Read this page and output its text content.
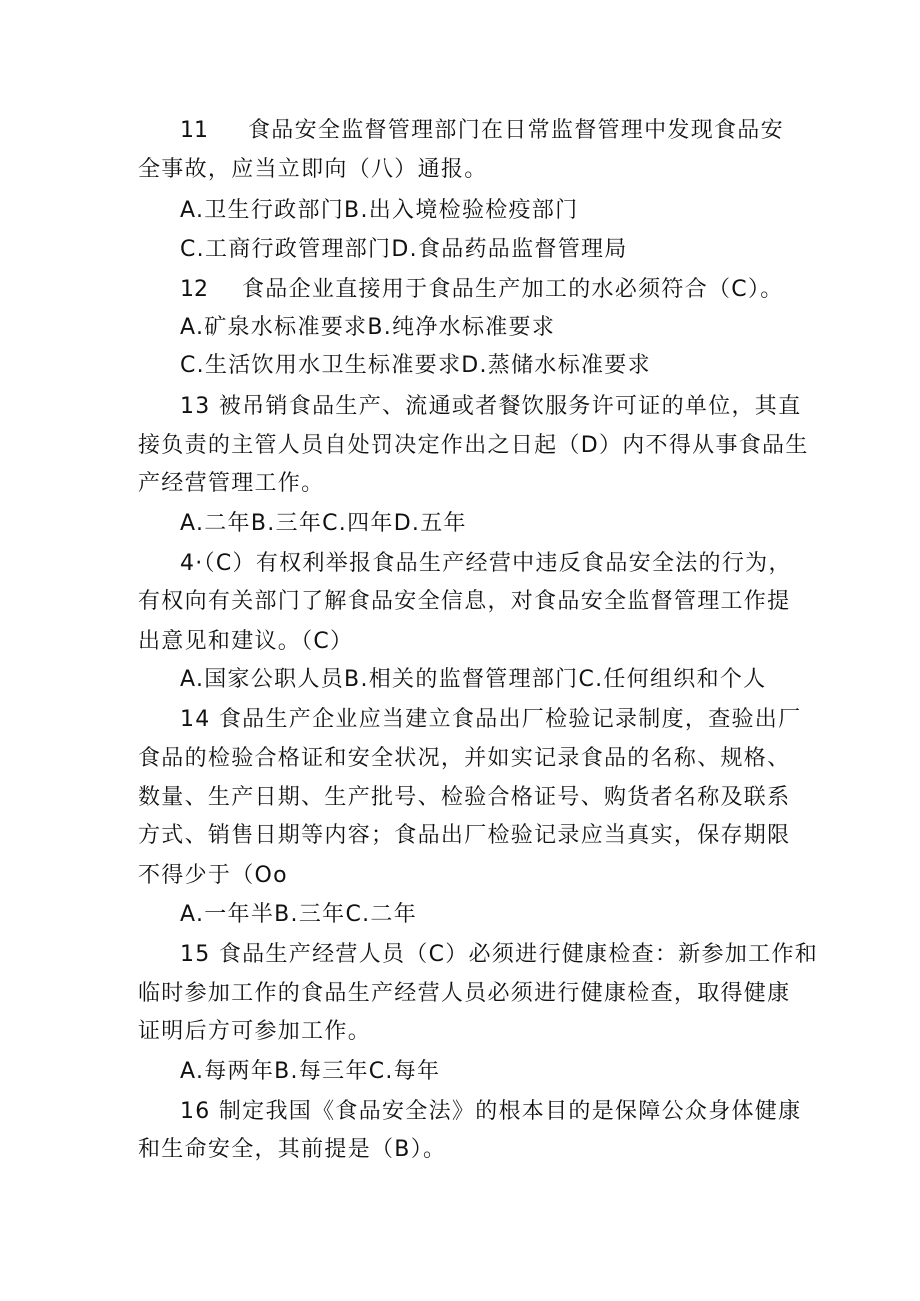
11 食品安全监督管理部门在日常监督管理中发现食品安
全事故，应当立即向（八）通报。
A.卫生行政部门B.出入境检验检疫部门
C.工商行政管理部门D.食品药品监督管理局
12 食品企业直接用于食品生产加工的水必须符合（C）。
A.矿泉水标准要求B.纯净水标准要求
C.生活饮用水卫生标准要求D.蒸储水标准要求
13 被吊销食品生产、流通或者餐饮服务许可证的单位，其直
接负责的主管人员自处罚决定作出之日起（D）内不得从事食品生
产经营管理工作。
A.二年B.三年C.四年D.五年
4·（C）有权利举报食品生产经营中违反食品安全法的行为，
有权向有关部门了解食品安全信息，对食品安全监督管理工作提
出意见和建议。（C）
A.国家公职人员B.相关的监督管理部门C.任何组织和个人
14 食品生产企业应当建立食品出厂检验记录制度，查验出厂
食品的检验合格证和安全状况，并如实记录食品的名称、规格、
数量、生产日期、生产批号、检验合格证号、购货者名称及联系
方式、销售日期等内容；食品出厂检验记录应当真实，保存期限
不得少于（Oo
A.一年半B.三年C.二年
15 食品生产经营人员（C）必须进行健康检查：新参加工作和
临时参加工作的食品生产经营人员必须进行健康检查，取得健康
证明后方可参加工作。
A.每两年B.每三年C.每年
16 制定我国《食品安全法》的根本目的是保障公众身体健康
和生命安全，其前提是（B）。
